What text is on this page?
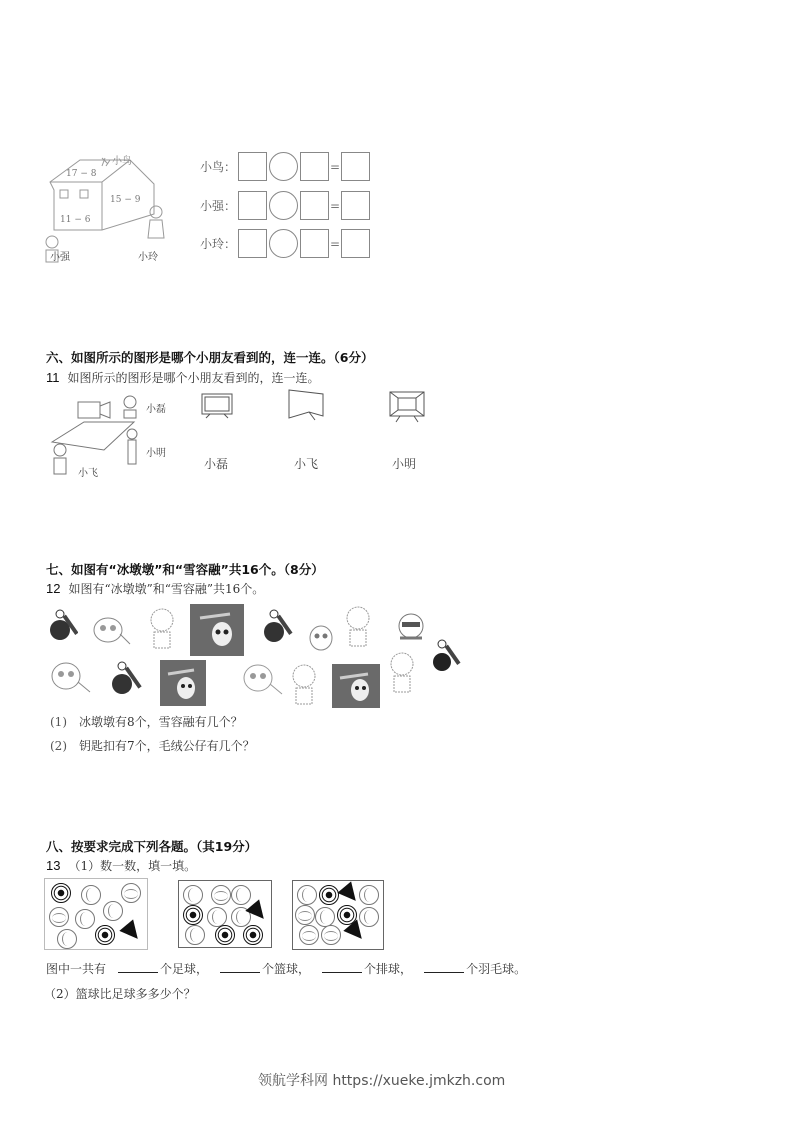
17 − 8
15 − 9
11 − 6
小鸟
小强	小玲
小鸟：	=
小强：	=
小玲：	=
六、如图所示的图形是哪个小朋友看到的，连一连。（6分）
11 如图所示的图形是哪个小朋友看到的，连一连。
小磊
小明
小飞
小磊	小飞	小明
七、如图有“冰墩墩”和“雪容融”共16个。（8分）
12 如图有“冰墩墩”和“雪容融”共16个。
(1) 冰墩墩有8个，雪容融有几个？
(2) 钥匙扣有7个，毛绒公仔有几个？
八、按要求完成下列各题。（其19分）
13 （1）数一数，填一填。
图中一共有	个足球，	个篮球，	个排球，	个羽毛球。
（2）篮球比足球多多少个？
领航学科网 https://xueke.jmkzh.com
